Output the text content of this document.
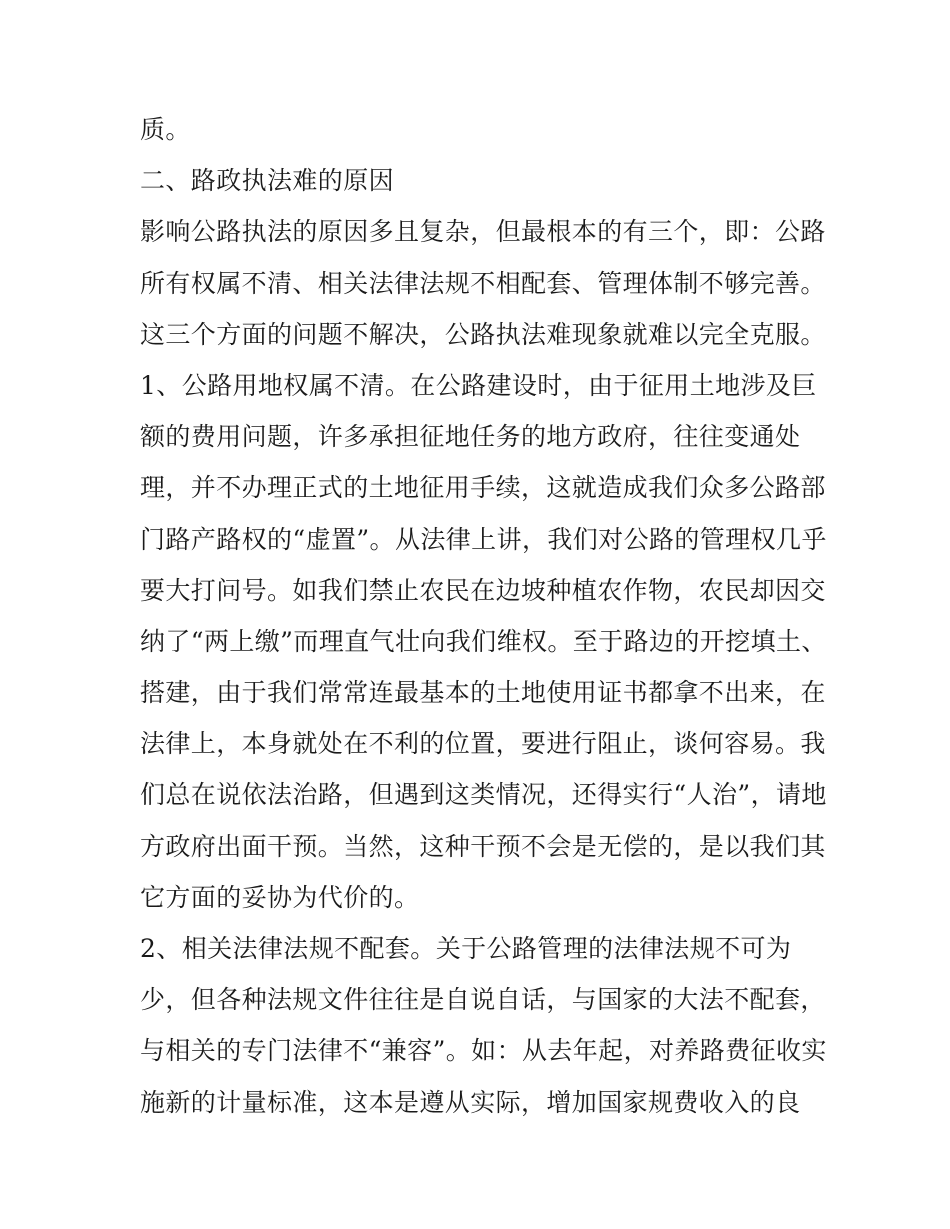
质。
二、路政执法难的原因
影响公路执法的原因多且复杂，但最根本的有三个，即：公路
所有权属不清、相关法律法规不相配套、管理体制不够完善。
这三个方面的问题不解决，公路执法难现象就难以完全克服。
1、公路用地权属不清。在公路建设时，由于征用土地涉及巨
额的费用问题，许多承担征地任务的地方政府，往往变通处
理，并不办理正式的土地征用手续，这就造成我们众多公路部
门路产路权的“虚置”。从法律上讲，我们对公路的管理权几乎
要大打问号。如我们禁止农民在边坡种植农作物，农民却因交
纳了“两上缴”而理直气壮向我们维权。至于路边的开挖填土、
搭建，由于我们常常连最基本的土地使用证书都拿不出来，在
法律上，本身就处在不利的位置，要进行阻止，谈何容易。我
们总在说依法治路，但遇到这类情况，还得实行“人治”，请地
方政府出面干预。当然，这种干预不会是无偿的，是以我们其
它方面的妥协为代价的。
2、相关法律法规不配套。关于公路管理的法律法规不可为
少，但各种法规文件往往是自说自话，与国家的大法不配套，
与相关的专门法律不“兼容”。如：从去年起，对养路费征收实
施新的计量标准，这本是遵从实际，增加国家规费收入的良
